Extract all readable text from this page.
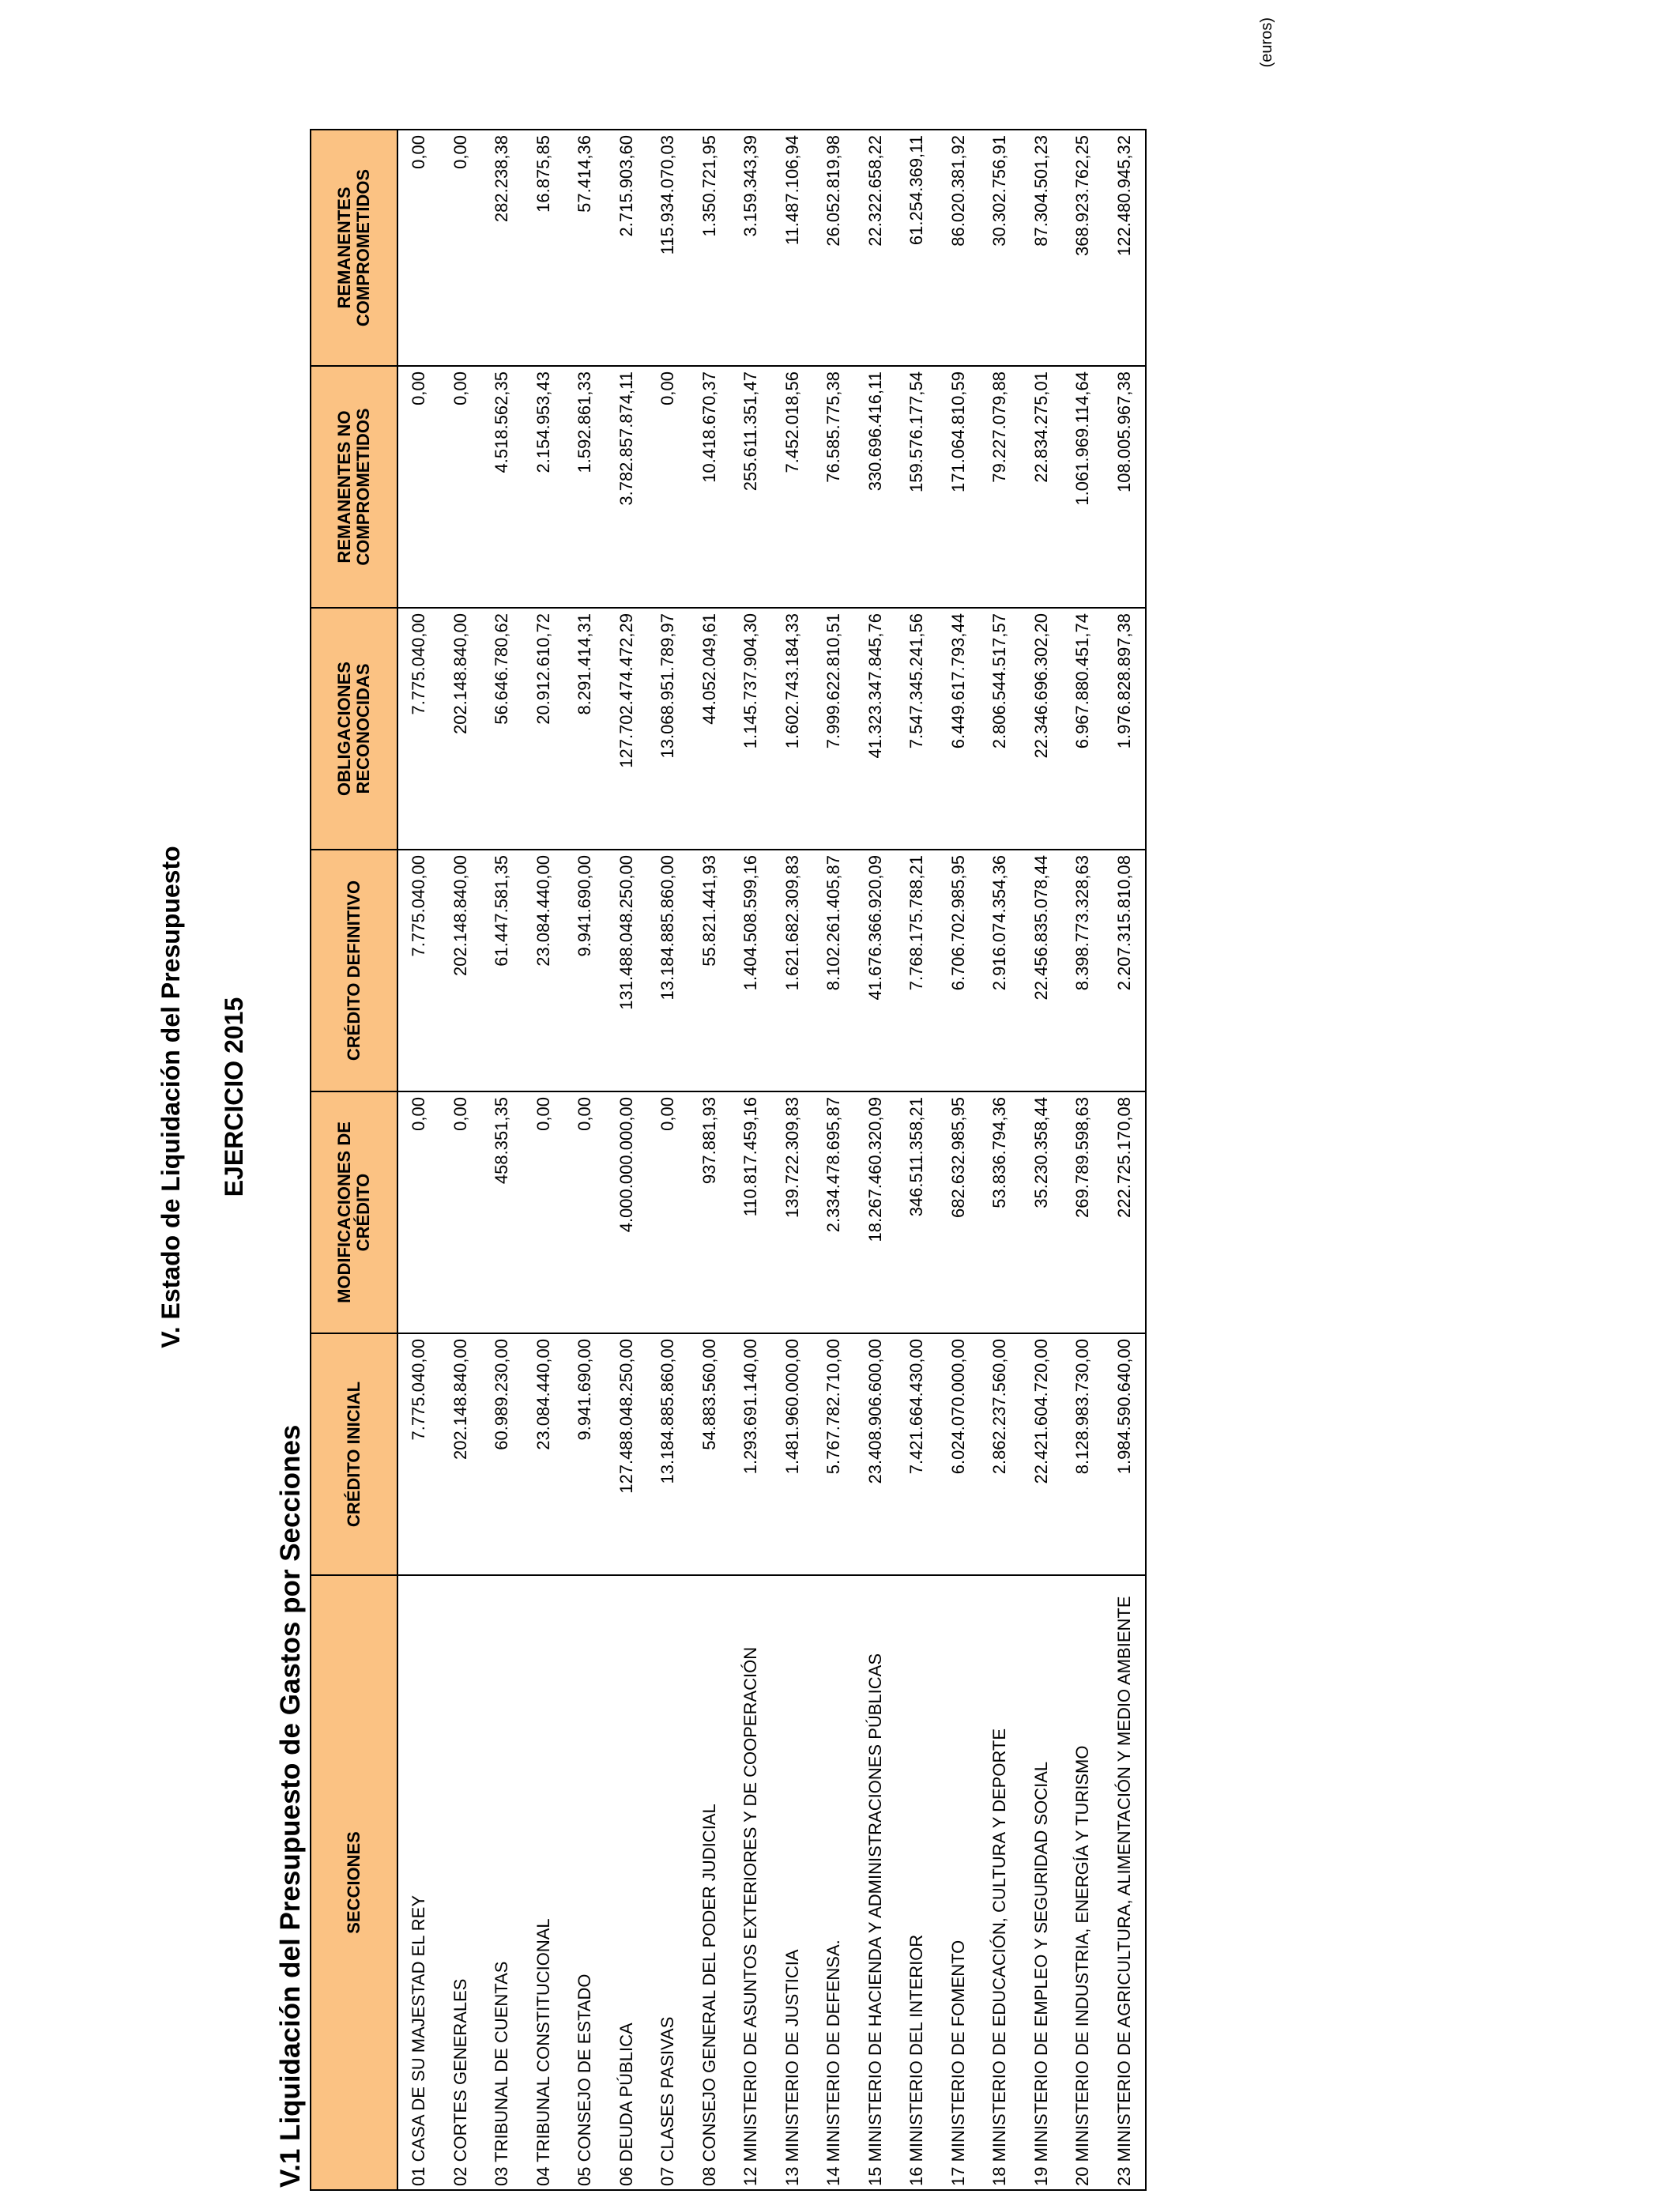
V. Estado de Liquidación del Presupuesto EJERCICIO 2015
V.1 Liquidación del Presupuesto de Gastos por Secciones
(euros)
SECCIONES	CRÉDITO INICIAL	MODIFICACIONES DE CRÉDITO	CRÉDITO DEFINITIVO	OBLIGACIONES RECONOCIDAS	REMANENTES NO COMPROMETIDOS	REMANENTES COMPROMETIDOS
01 CASA DE SU MAJESTAD EL REY	7.775.040,00	0,00	7.775.040,00	7.775.040,00	0,00	0,00
02 CORTES GENERALES	202.148.840,00	0,00	202.148.840,00	202.148.840,00	0,00	0,00
03 TRIBUNAL DE CUENTAS	60.989.230,00	458.351,35	61.447.581,35	56.646.780,62	4.518.562,35	282.238,38
04 TRIBUNAL CONSTITUCIONAL	23.084.440,00	0,00	23.084.440,00	20.912.610,72	2.154.953,43	16.875,85
05 CONSEJO DE ESTADO	9.941.690,00	0,00	9.941.690,00	8.291.414,31	1.592.861,33	57.414,36
06 DEUDA PÚBLICA	127.488.048.250,00	4.000.000.000,00	131.488.048.250,00	127.702.474.472,29	3.782.857.874,11	2.715.903,60
07 CLASES PASIVAS	13.184.885.860,00	0,00	13.184.885.860,00	13.068.951.789,97	0,00	115.934.070,03
08 CONSEJO GENERAL DEL PODER JUDICIAL	54.883.560,00	937.881,93	55.821.441,93	44.052.049,61	10.418.670,37	1.350.721,95
12 MINISTERIO DE ASUNTOS EXTERIORES Y DE COOPERACIÓN	1.293.691.140,00	110.817.459,16	1.404.508.599,16	1.145.737.904,30	255.611.351,47	3.159.343,39
13 MINISTERIO DE JUSTICIA	1.481.960.000,00	139.722.309,83	1.621.682.309,83	1.602.743.184,33	7.452.018,56	11.487.106,94
14 MINISTERIO DE DEFENSA.	5.767.782.710,00	2.334.478.695,87	8.102.261.405,87	7.999.622.810,51	76.585.775,38	26.052.819,98
15 MINISTERIO DE HACIENDA Y ADMINISTRACIONES PÚBLICAS	23.408.906.600,00	18.267.460.320,09	41.676.366.920,09	41.323.347.845,76	330.696.416,11	22.322.658,22
16 MINISTERIO DEL INTERIOR	7.421.664.430,00	346.511.358,21	7.768.175.788,21	7.547.345.241,56	159.576.177,54	61.254.369,11
17 MINISTERIO DE FOMENTO	6.024.070.000,00	682.632.985,95	6.706.702.985,95	6.449.617.793,44	171.064.810,59	86.020.381,92
18 MINISTERIO DE EDUCACIÓN, CULTURA Y DEPORTE	2.862.237.560,00	53.836.794,36	2.916.074.354,36	2.806.544.517,57	79.227.079,88	30.302.756,91
19 MINISTERIO DE EMPLEO Y SEGURIDAD SOCIAL	22.421.604.720,00	35.230.358,44	22.456.835.078,44	22.346.696.302,20	22.834.275,01	87.304.501,23
20 MINISTERIO DE INDUSTRIA, ENERGÍA Y TURISMO	8.128.983.730,00	269.789.598,63	8.398.773.328,63	6.967.880.451,74	1.061.969.114,64	368.923.762,25
23 MINISTERIO DE AGRICULTURA, ALIMENTACIÓN Y MEDIO AMBIENTE	1.984.590.640,00	222.725.170,08	2.207.315.810,08	1.976.828.897,38	108.005.967,38	122.480.945,32
